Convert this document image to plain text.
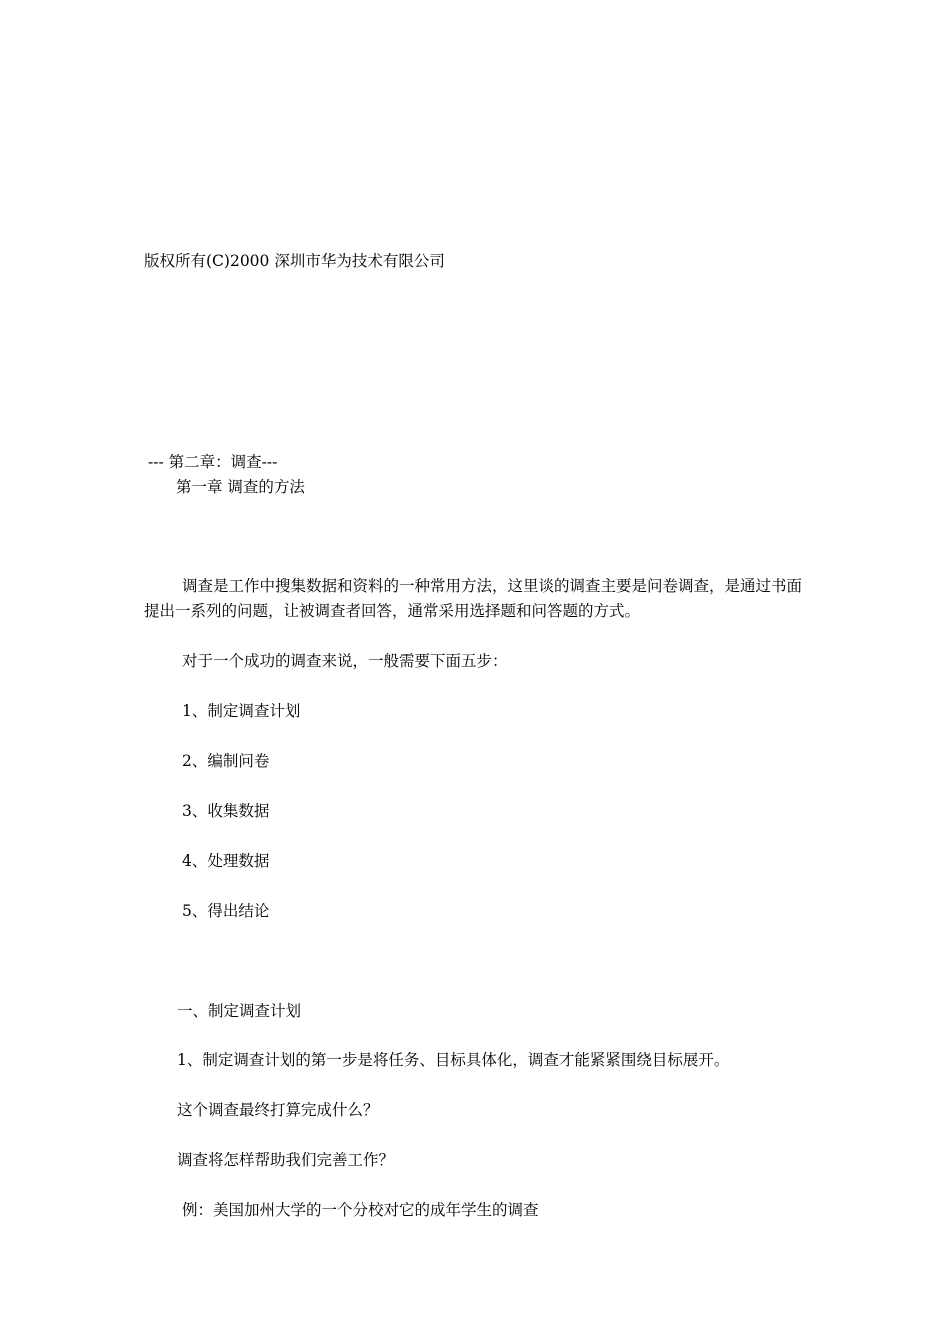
版权所有(C)2000 深圳市华为技术有限公司

--- 第二章：调查---

第一章 调查的方法

调查是工作中搜集数据和资料的一种常用方法，这里谈的调查主要是问卷调查，是通过书面提出一系列的问题，让被调查者回答，通常采用选择题和问答题的方式。

对于一个成功的调查来说，一般需要下面五步：

1、制定调查计划

2、编制问卷

3、收集数据

4、处理数据

5、得出结论

一、制定调查计划

1、制定调查计划的第一步是将任务、目标具体化，调查才能紧紧围绕目标展开。

这个调查最终打算完成什么？

调查将怎样帮助我们完善工作？

例：美国加州大学的一个分校对它的成年学生的调查
